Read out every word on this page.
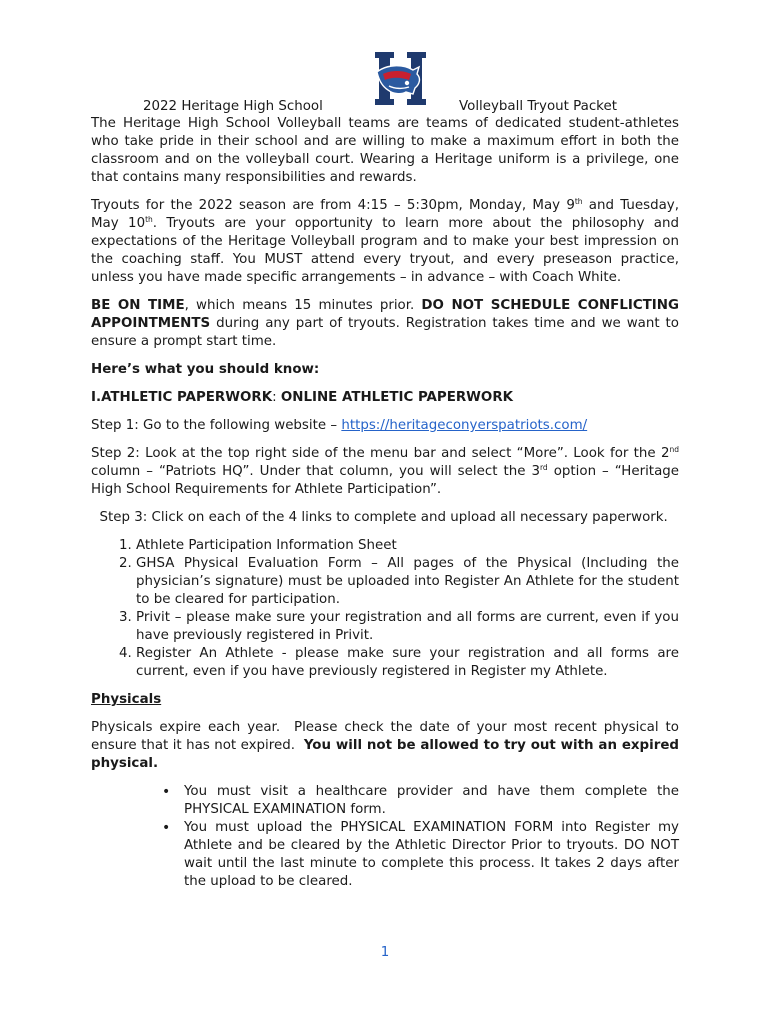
2022 Heritage High School	Volleyball Tryout Packet

The Heritage High School Volleyball teams are teams of dedicated student-athletes who take pride in their school and are willing to make a maximum effort in both the classroom and on the volleyball court. Wearing a Heritage uniform is a privilege, one that contains many responsibilities and rewards.

Tryouts for the 2022 season are from 4:15 – 5:30pm, Monday, May 9th and Tuesday, May 10th. Tryouts are your opportunity to learn more about the philosophy and expectations of the Heritage Volleyball program and to make your best impression on the coaching staff. You MUST attend every tryout, and every preseason practice, unless you have made specific arrangements – in advance – with Coach White.

BE ON TIME, which means 15 minutes prior. DO NOT SCHEDULE CONFLICTING APPOINTMENTS during any part of tryouts. Registration takes time and we want to ensure a prompt start time.

Here’s what you should know:

I.ATHLETIC PAPERWORK: ONLINE ATHLETIC PAPERWORK

Step 1: Go to the following website – https://heritageconyerspatriots.com/

Step 2: Look at the top right side of the menu bar and select “More”. Look for the 2nd column – “Patriots HQ”. Under that column, you will select the 3rd option – “Heritage High School Requirements for Athlete Participation”.

Step 3: Click on each of the 4 links to complete and upload all necessary paperwork.

1. Athlete Participation Information Sheet
2. GHSA Physical Evaluation Form – All pages of the Physical (Including the physician’s signature) must be uploaded into Register An Athlete for the student to be cleared for participation.
3. Privit – please make sure your registration and all forms are current, even if you have previously registered in Privit.
4. Register An Athlete - please make sure your registration and all forms are current, even if you have previously registered in Register my Athlete.

Physicals

Physicals expire each year.  Please check the date of your most recent physical to ensure that it has not expired.  You will not be allowed to try out with an expired physical.

• You must visit a healthcare provider and have them complete the PHYSICAL EXAMINATION form.
• You must upload the PHYSICAL EXAMINATION FORM into Register my Athlete and be cleared by the Athletic Director Prior to tryouts. DO NOT wait until the last minute to complete this process. It takes 2 days after the upload to be cleared.
1
